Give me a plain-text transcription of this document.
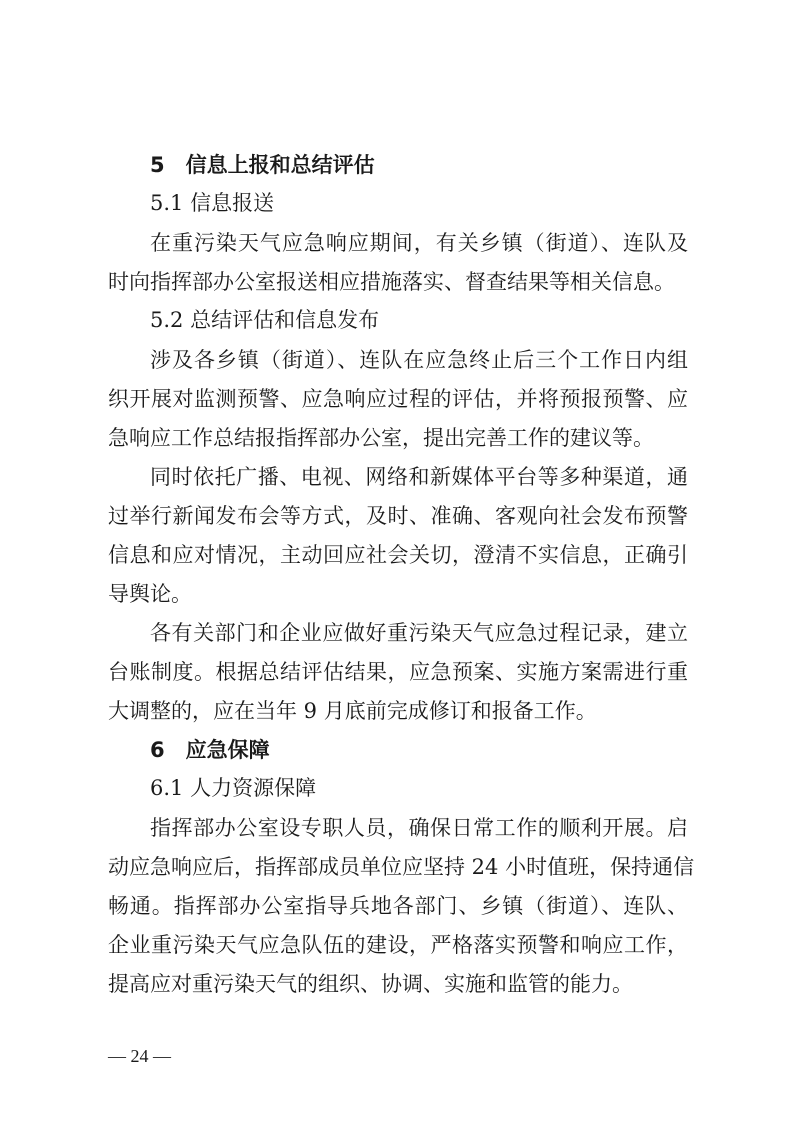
5　信息上报和总结评估
5.1 信息报送
在重污染天气应急响应期间，有关乡镇（街道）、连队及
时向指挥部办公室报送相应措施落实、督查结果等相关信息。
5.2 总结评估和信息发布
涉及各乡镇（街道）、连队在应急终止后三个工作日内组
织开展对监测预警、应急响应过程的评估，并将预报预警、应
急响应工作总结报指挥部办公室，提出完善工作的建议等。
同时依托广播、电视、网络和新媒体平台等多种渠道，通
过举行新闻发布会等方式，及时、准确、客观向社会发布预警
信息和应对情况，主动回应社会关切，澄清不实信息，正确引
导舆论。
各有关部门和企业应做好重污染天气应急过程记录，建立
台账制度。根据总结评估结果，应急预案、实施方案需进行重
大调整的，应在当年 9 月底前完成修订和报备工作。
6　应急保障
6.1 人力资源保障
指挥部办公室设专职人员，确保日常工作的顺利开展。启
动应急响应后，指挥部成员单位应坚持 24 小时值班，保持通信
畅通。指挥部办公室指导兵地各部门、乡镇（街道）、连队、
企业重污染天气应急队伍的建设，严格落实预警和响应工作，
提高应对重污染天气的组织、协调、实施和监管的能力。
— 24 —
